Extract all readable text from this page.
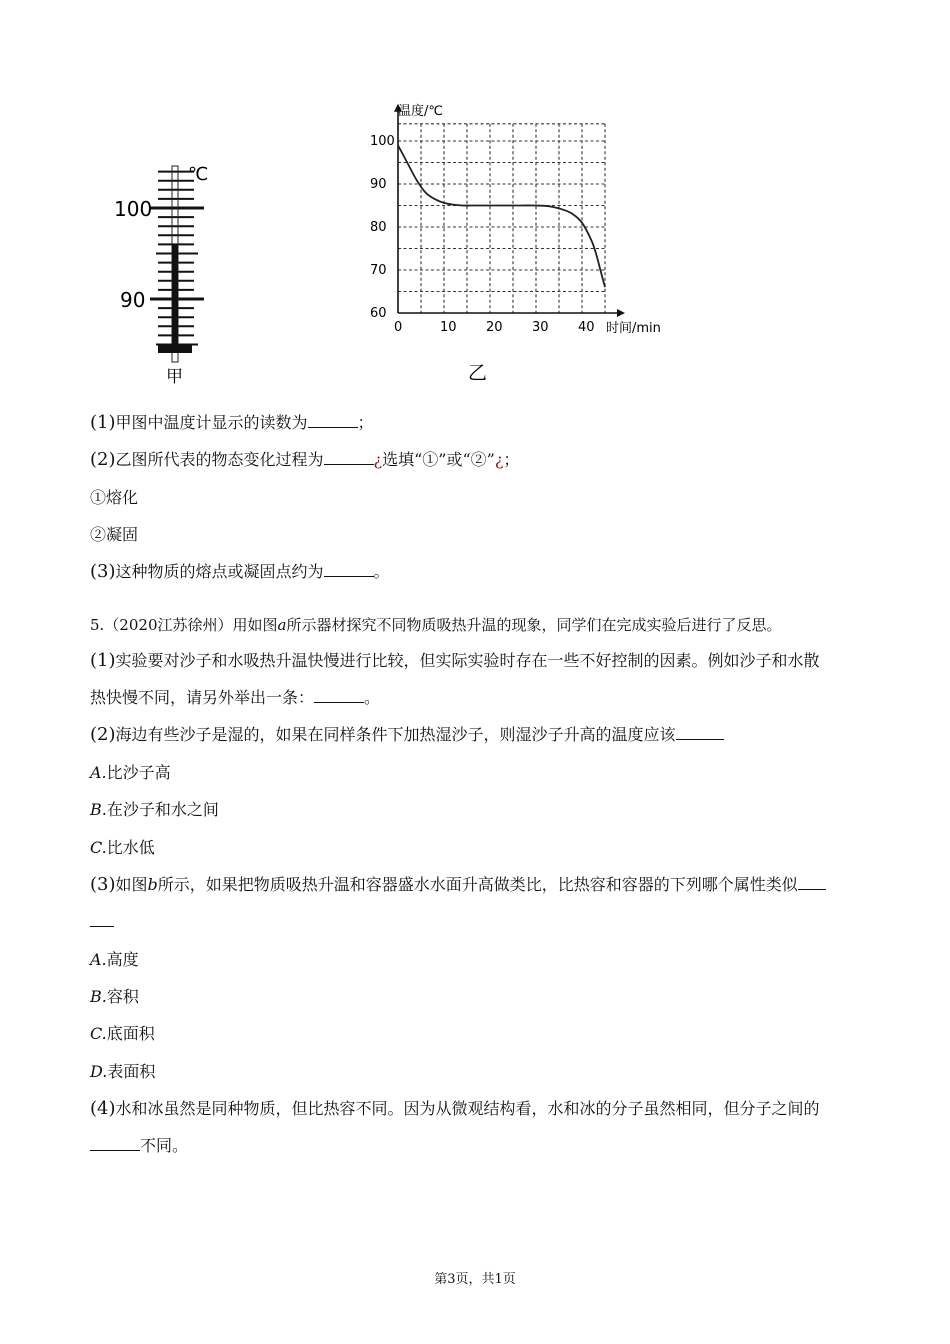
℃
100
90
甲
0	10 20 30 40
60
70
80
90
100
温度/℃
时间/min
乙
(1)甲图中温度计显示的读数为	；
(2)乙图所代表的物态变化过程为	¿选填“①”或“②”¿；
①熔化
②凝固
(3)这种物质的熔点或凝固点约为	。
5.（2020江苏徐州）用如图a所示器材探究不同物质吸热升温的现象，同学们在完成实验后进行了反思。
(1)实验要对沙子和水吸热升温快慢进行比较，但实际实验时存在一些不好控制的因素。例如沙子和水散
热快慢不同，请另外举出一条：	。
(2)海边有些沙子是湿的，如果在同样条件下加热湿沙子，则湿沙子升高的温度应该
A.比沙子高
B.在沙子和水之间
C.比水低
(3)如图b所示，如果把物质吸热升温和容器盛水水面升高做类比，比热容和容器的下列哪个属性类似
A.高度
B.容积
C.底面积
D.表面积
(4)水和冰虽然是同种物质，但比热容不同。因为从微观结构看，水和冰的分子虽然相同，但分子之间的
不同。
第3页，共1页
